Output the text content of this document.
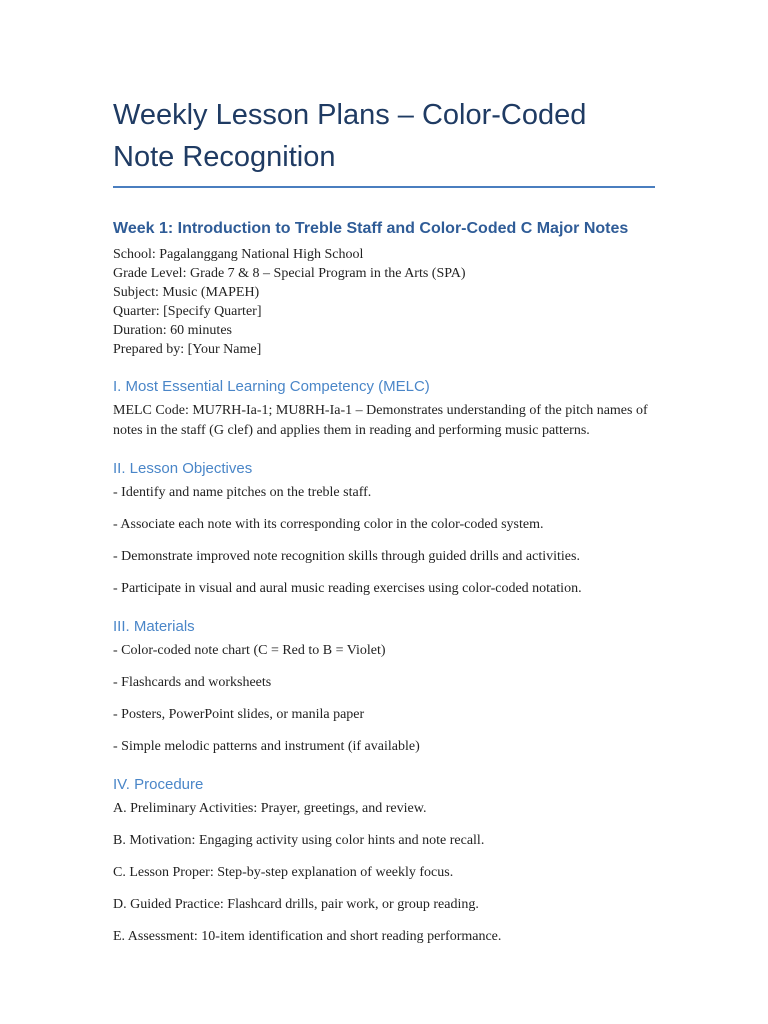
Weekly Lesson Plans – Color-Coded Note Recognition
Week 1: Introduction to Treble Staff and Color-Coded C Major Notes

School: Pagalanggang National High School

Grade Level: Grade 7 & 8 – Special Program in the Arts (SPA)

Subject: Music (MAPEH)

Quarter: [Specify Quarter]

Duration: 60 minutes

Prepared by: [Your Name]

I. Most Essential Learning Competency (MELC)

MELC Code: MU7RH-Ia-1; MU8RH-Ia-1 – Demonstrates understanding of the pitch names of notes in the staff (G clef) and applies them in reading and performing music patterns.

II. Lesson Objectives

- Identify and name pitches on the treble staff.

- Associate each note with its corresponding color in the color-coded system.

- Demonstrate improved note recognition skills through guided drills and activities.

- Participate in visual and aural music reading exercises using color-coded notation.

III. Materials

- Color-coded note chart (C = Red to B = Violet)

- Flashcards and worksheets

- Posters, PowerPoint slides, or manila paper

- Simple melodic patterns and instrument (if available)

IV. Procedure

A. Preliminary Activities: Prayer, greetings, and review.

B. Motivation: Engaging activity using color hints and note recall.

C. Lesson Proper: Step-by-step explanation of weekly focus.

D. Guided Practice: Flashcard drills, pair work, or group reading.

E. Assessment: 10-item identification and short reading performance.
